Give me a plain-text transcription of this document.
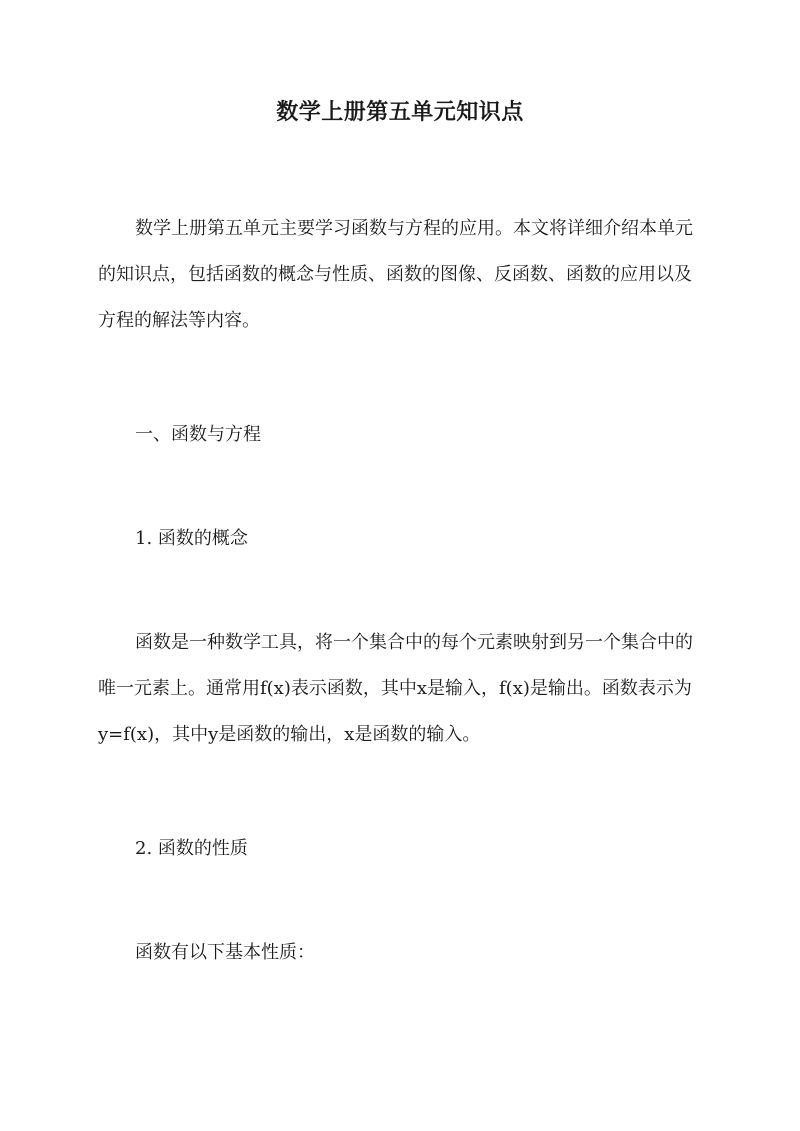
数学上册第五单元知识点

数学上册第五单元主要学习函数与方程的应用。本文将详细介绍本单元的知识点，包括函数的概念与性质、函数的图像、反函数、函数的应用以及方程的解法等内容。

一、函数与方程

1. 函数的概念

函数是一种数学工具，将一个集合中的每个元素映射到另一个集合中的唯一元素上。通常用f(x)表示函数，其中x是输入，f(x)是输出。函数表示为y=f(x)，其中y是函数的输出，x是函数的输入。

2. 函数的性质

函数有以下基本性质：
